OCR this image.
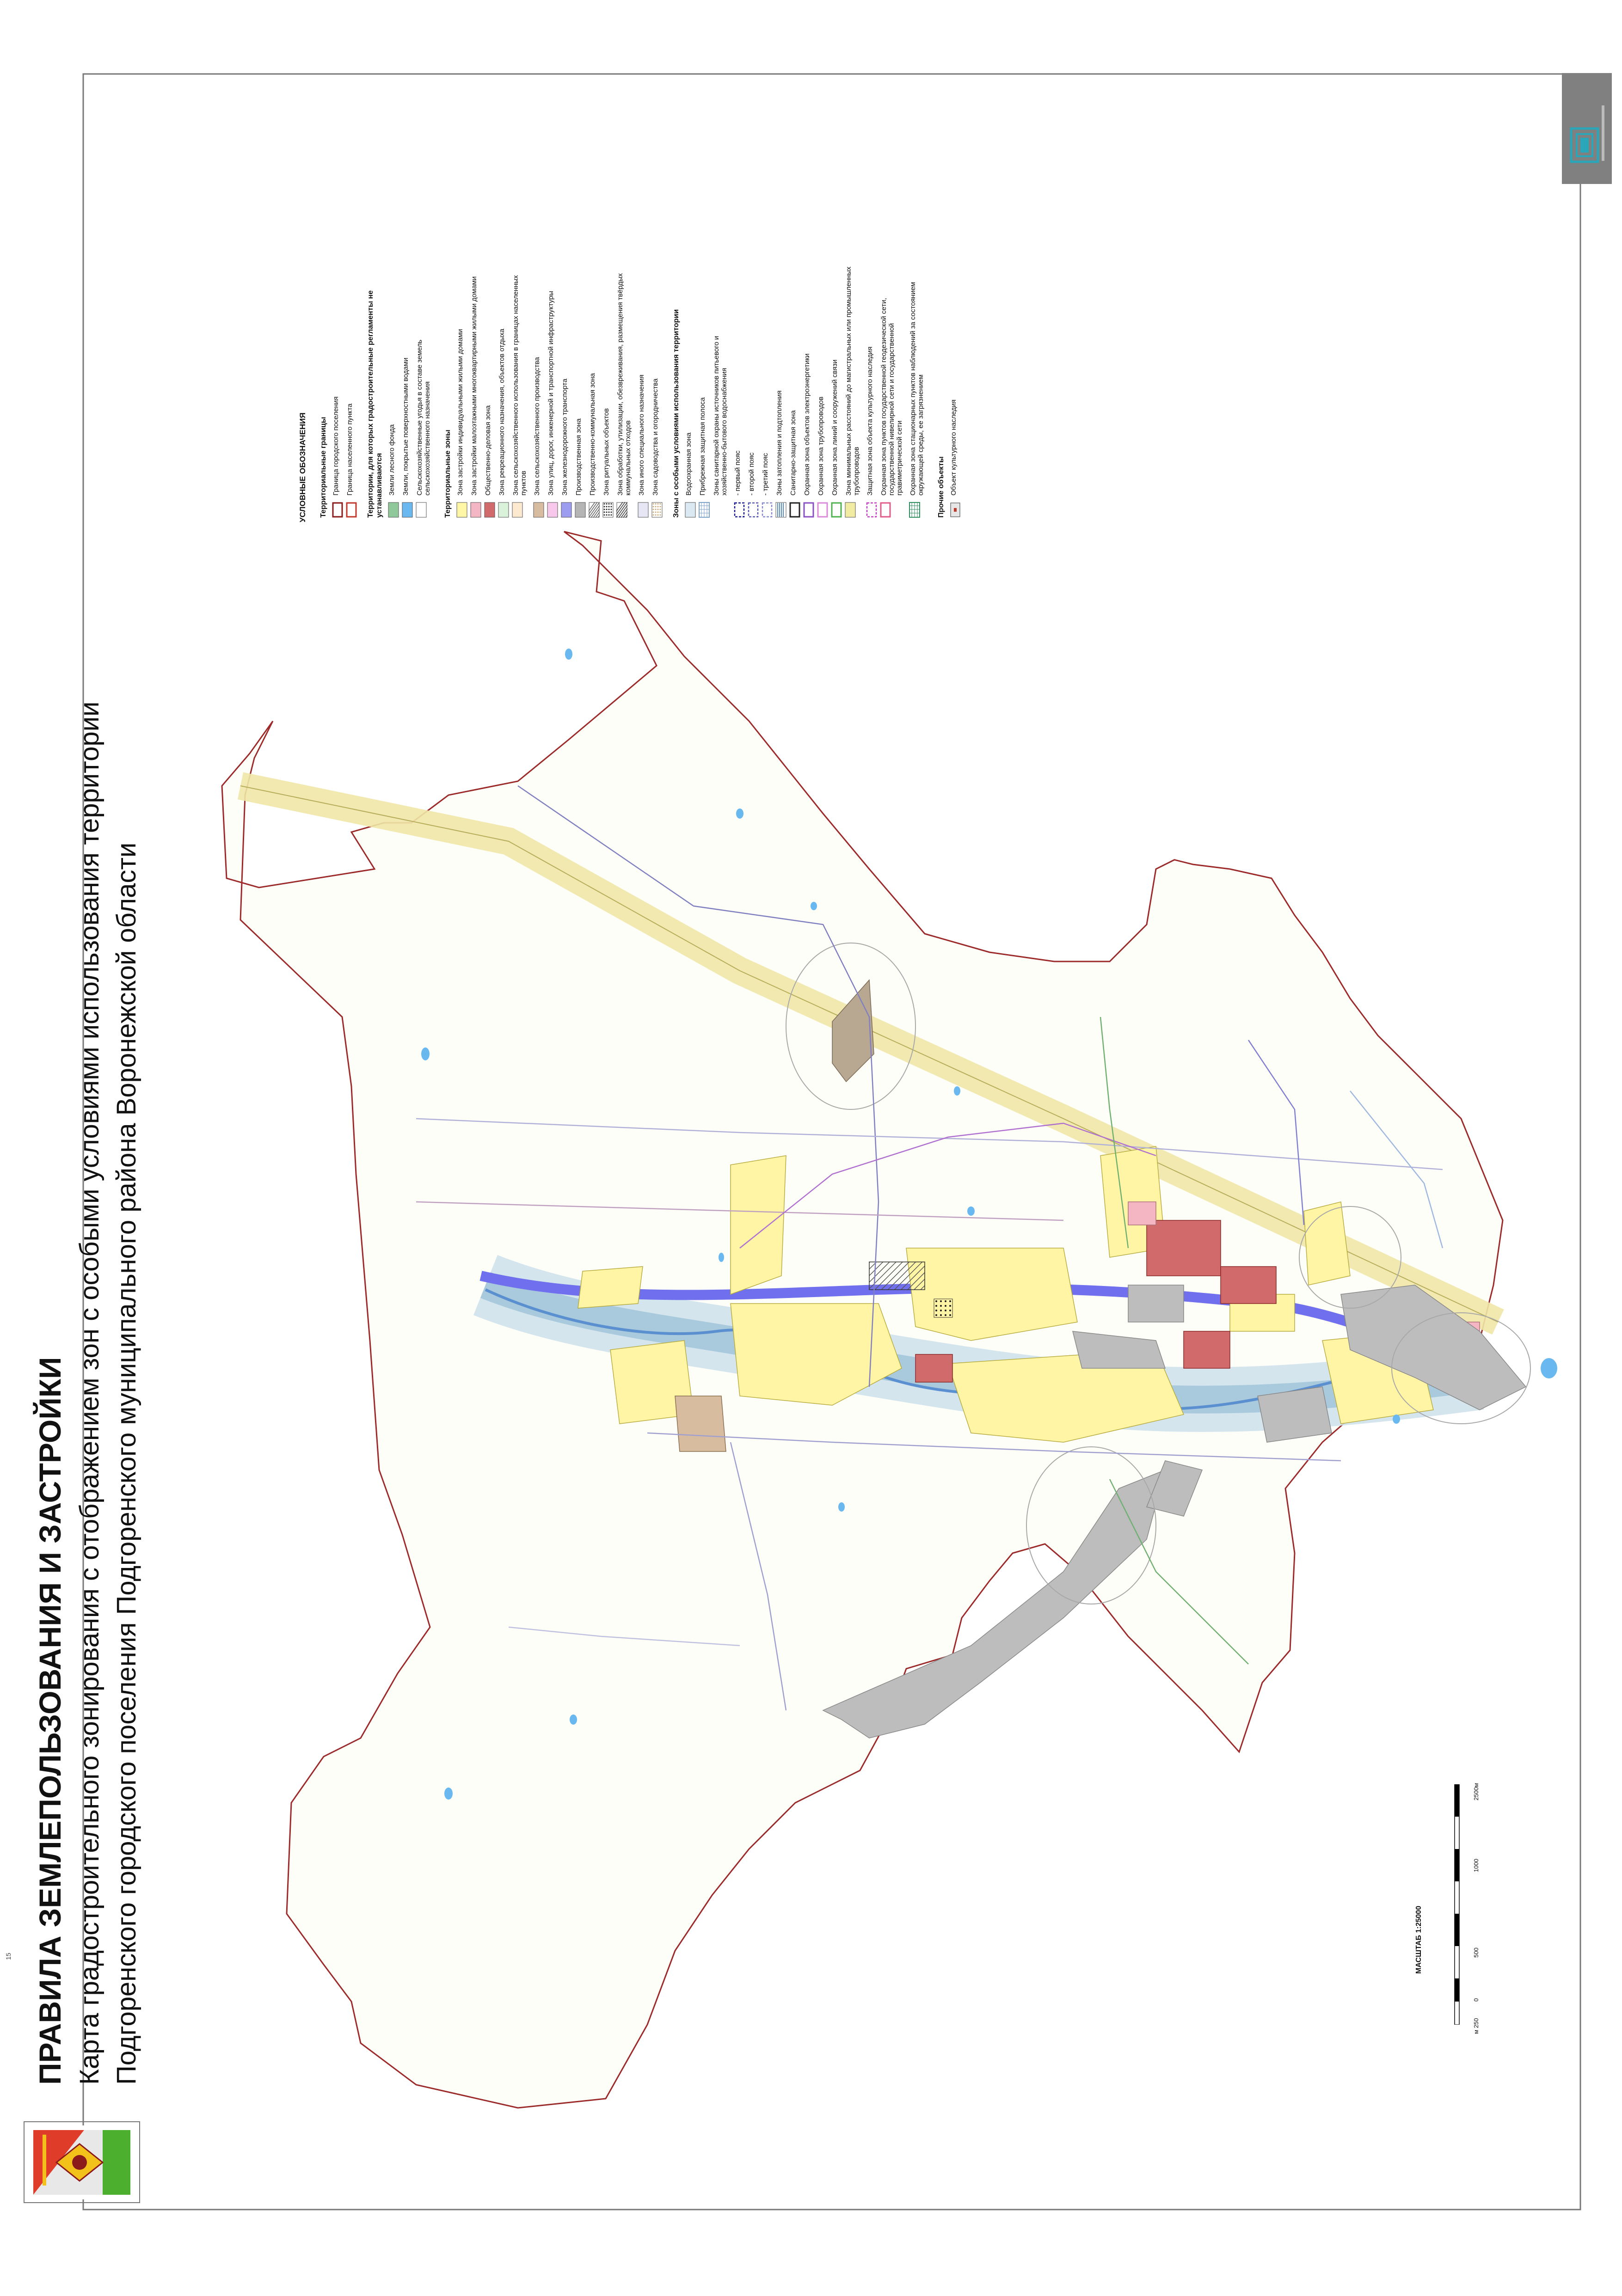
15 ПРАВИЛА ЗЕМЛЕПОЛЬЗОВАНИЯ И ЗАСТРОЙКИ Карта градостроительного зонирования с отображением зон с особыми условиями использования территории Подгоренского городского поселения Подгоренского муниципального района Воронежской области	МАСШТАБ 1:25000
м 250
0
500
1000
2500м
УСЛОВНЫЕ ОБОЗНАЧЕНИЯ Территориальные границы Граница городского поселения Граница населенного пункта Территории, для которых градостроительные регламенты не
устанавливаются Земли лесного фонда Земли, покрытые поверхностными водами Сельскохозяйственные угодья в составе земель
сельскохозяйственного назначения
Территориальные зоны Зона застройки индивидуальными жилыми домами Зона застройки малоэтажными многоквартирными жилыми домами Общественно-деловая зона Зона рекреационного назначения, объектов отдыха Зона сельскохозяйственного использования в границах населенных
пунктов Зона сельскохозяйственного производства Зона улиц, дорог, инженерной и транспортной инфраструктуры Зона железнодорожного транспорта Производственная зона Производственно-коммунальная зона Зона ритуальных объектов Зона обработки, утилизации, обезвреживания, размещения твёрдых
коммунальных отходов Зона иного специального назначения Зона садоводства и огородничества Зоны с особыми условиями использования территории Водоохранная зона Прибрежная защитная полоса Зоны санитарной охраны источников питьевого и
хозяйственно-бытового водоснабжения
- первый пояс - второй пояс - третий пояс Зоны затопления и подтопления Санитарно-защитная зона Охранная зона объектов электроэнергетики Охранная зона трубопроводов Охранная зона линий и сооружений связи Зона минимальных расстояний до магистральных или промышленных
трубопроводов Защитная зона объекта культурного наследия Охранная зона пунктов государственной геодезической сети,
государственной нивелирной сети и государственной
гравиметрической сети
Охранная зона стационарных пунктов наблюдений за состоянием
окружающей среды, ее загрязнением
Прочие объекты Объект культурного наследия
